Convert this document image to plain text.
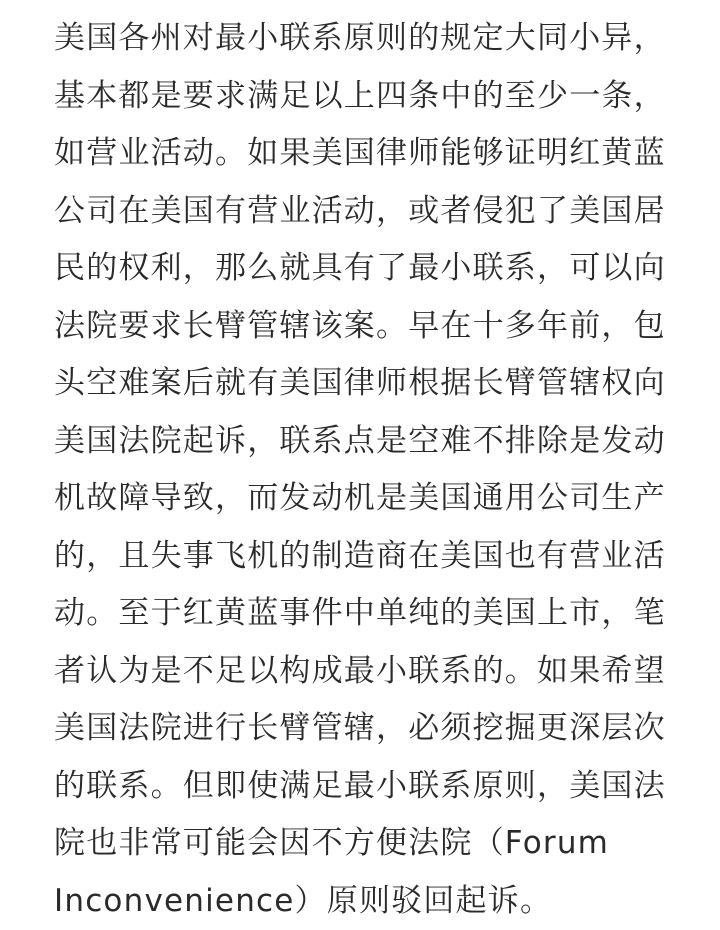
美国各州对最小联系原则的规定大同小异，
基本都是要求满足以上四条中的至少一条，
如营业活动。如果美国律师能够证明红黄蓝
公司在美国有营业活动，或者侵犯了美国居
民的权利，那么就具有了最小联系，可以向
法院要求长臂管辖该案。早在十多年前，包
头空难案后就有美国律师根据长臂管辖权向
美国法院起诉，联系点是空难不排除是发动
机故障导致，而发动机是美国通用公司生产
的，且失事飞机的制造商在美国也有营业活
动。至于红黄蓝事件中单纯的美国上市，笔
者认为是不足以构成最小联系的。如果希望
美国法院进行长臂管辖，必须挖掘更深层次
的联系。但即使满足最小联系原则，美国法
院也非常可能会因不方便法院（Forum
Inconvenience）原则驳回起诉。
